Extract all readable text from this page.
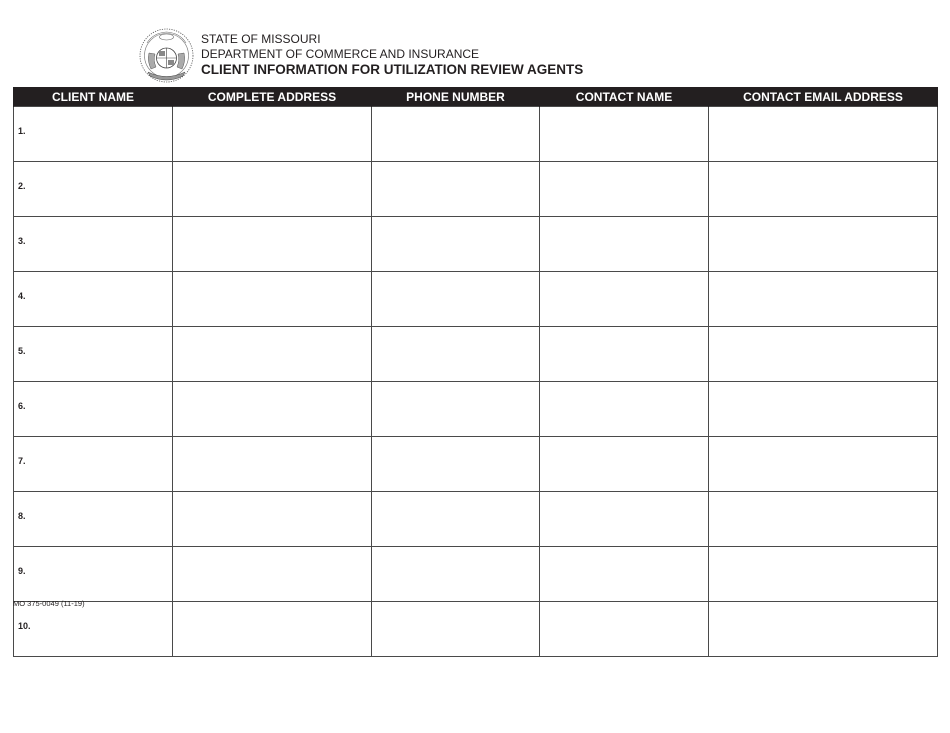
STATE OF MISSOURI
DEPARTMENT OF COMMERCE AND INSURANCE
CLIENT INFORMATION FOR UTILIZATION REVIEW AGENTS
CLIENT NAME	COMPLETE ADDRESS	PHONE NUMBER	CONTACT NAME	CONTACT EMAIL ADDRESS
1.				
2.				
3.				
4.				
5.				
6.				
7.				
8.				
9.				
10.				
MO 375-0049 (11-19)
